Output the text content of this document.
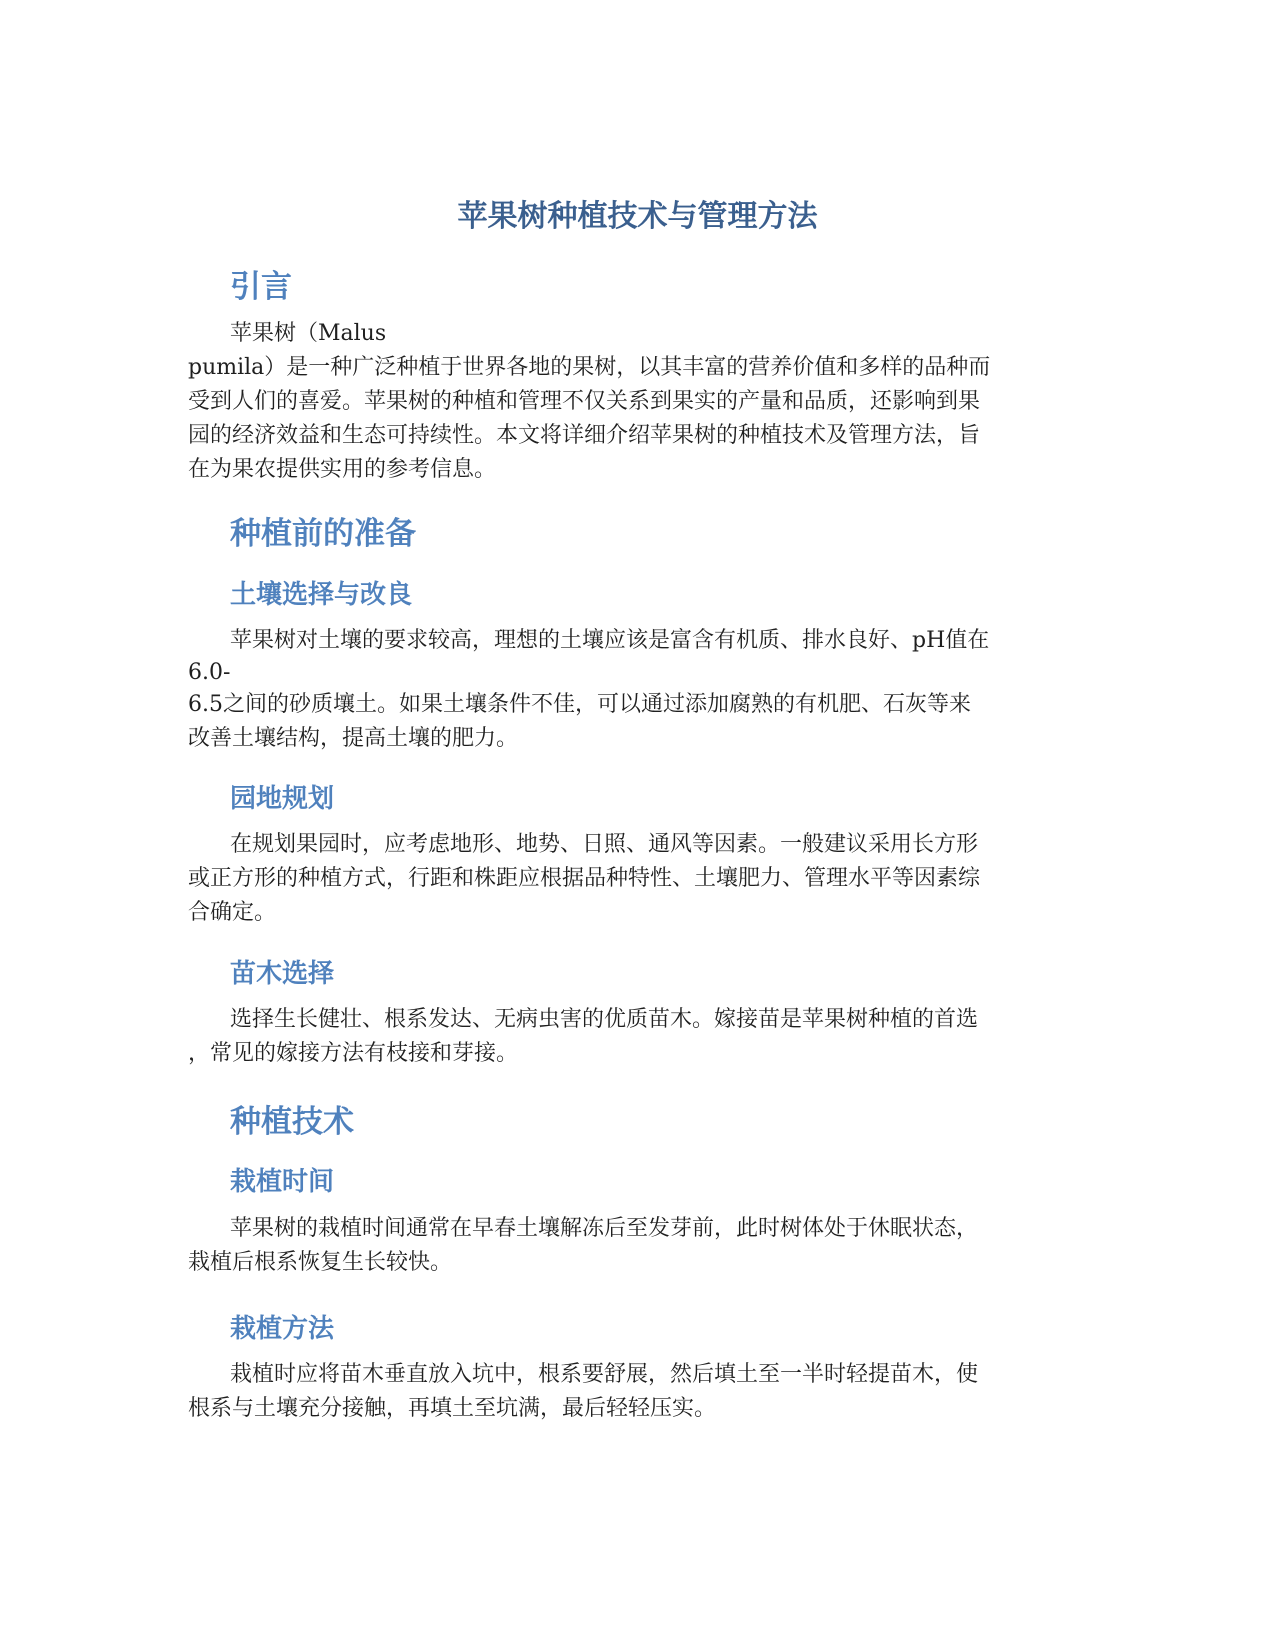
苹果树种植技术与管理方法
引言
苹果树（Malus
pumila）是一种广泛种植于世界各地的果树，以其丰富的营养价值和多样的品种而
受到人们的喜爱。苹果树的种植和管理不仅关系到果实的产量和品质，还影响到果
园的经济效益和生态可持续性。本文将详细介绍苹果树的种植技术及管理方法，旨
在为果农提供实用的参考信息。
种植前的准备
土壤选择与改良
苹果树对土壤的要求较高，理想的土壤应该是富含有机质、排水良好、pH值在
6.0-
6.5之间的砂质壤土。如果土壤条件不佳，可以通过添加腐熟的有机肥、石灰等来
改善土壤结构，提高土壤的肥力。
园地规划
在规划果园时，应考虑地形、地势、日照、通风等因素。一般建议采用长方形
或正方形的种植方式，行距和株距应根据品种特性、土壤肥力、管理水平等因素综
合确定。
苗木选择
选择生长健壮、根系发达、无病虫害的优质苗木。嫁接苗是苹果树种植的首选
，常见的嫁接方法有枝接和芽接。
种植技术
栽植时间
苹果树的栽植时间通常在早春土壤解冻后至发芽前，此时树体处于休眠状态，
栽植后根系恢复生长较快。
栽植方法
栽植时应将苗木垂直放入坑中，根系要舒展，然后填土至一半时轻提苗木，使
根系与土壤充分接触，再填土至坑满，最后轻轻压实。
